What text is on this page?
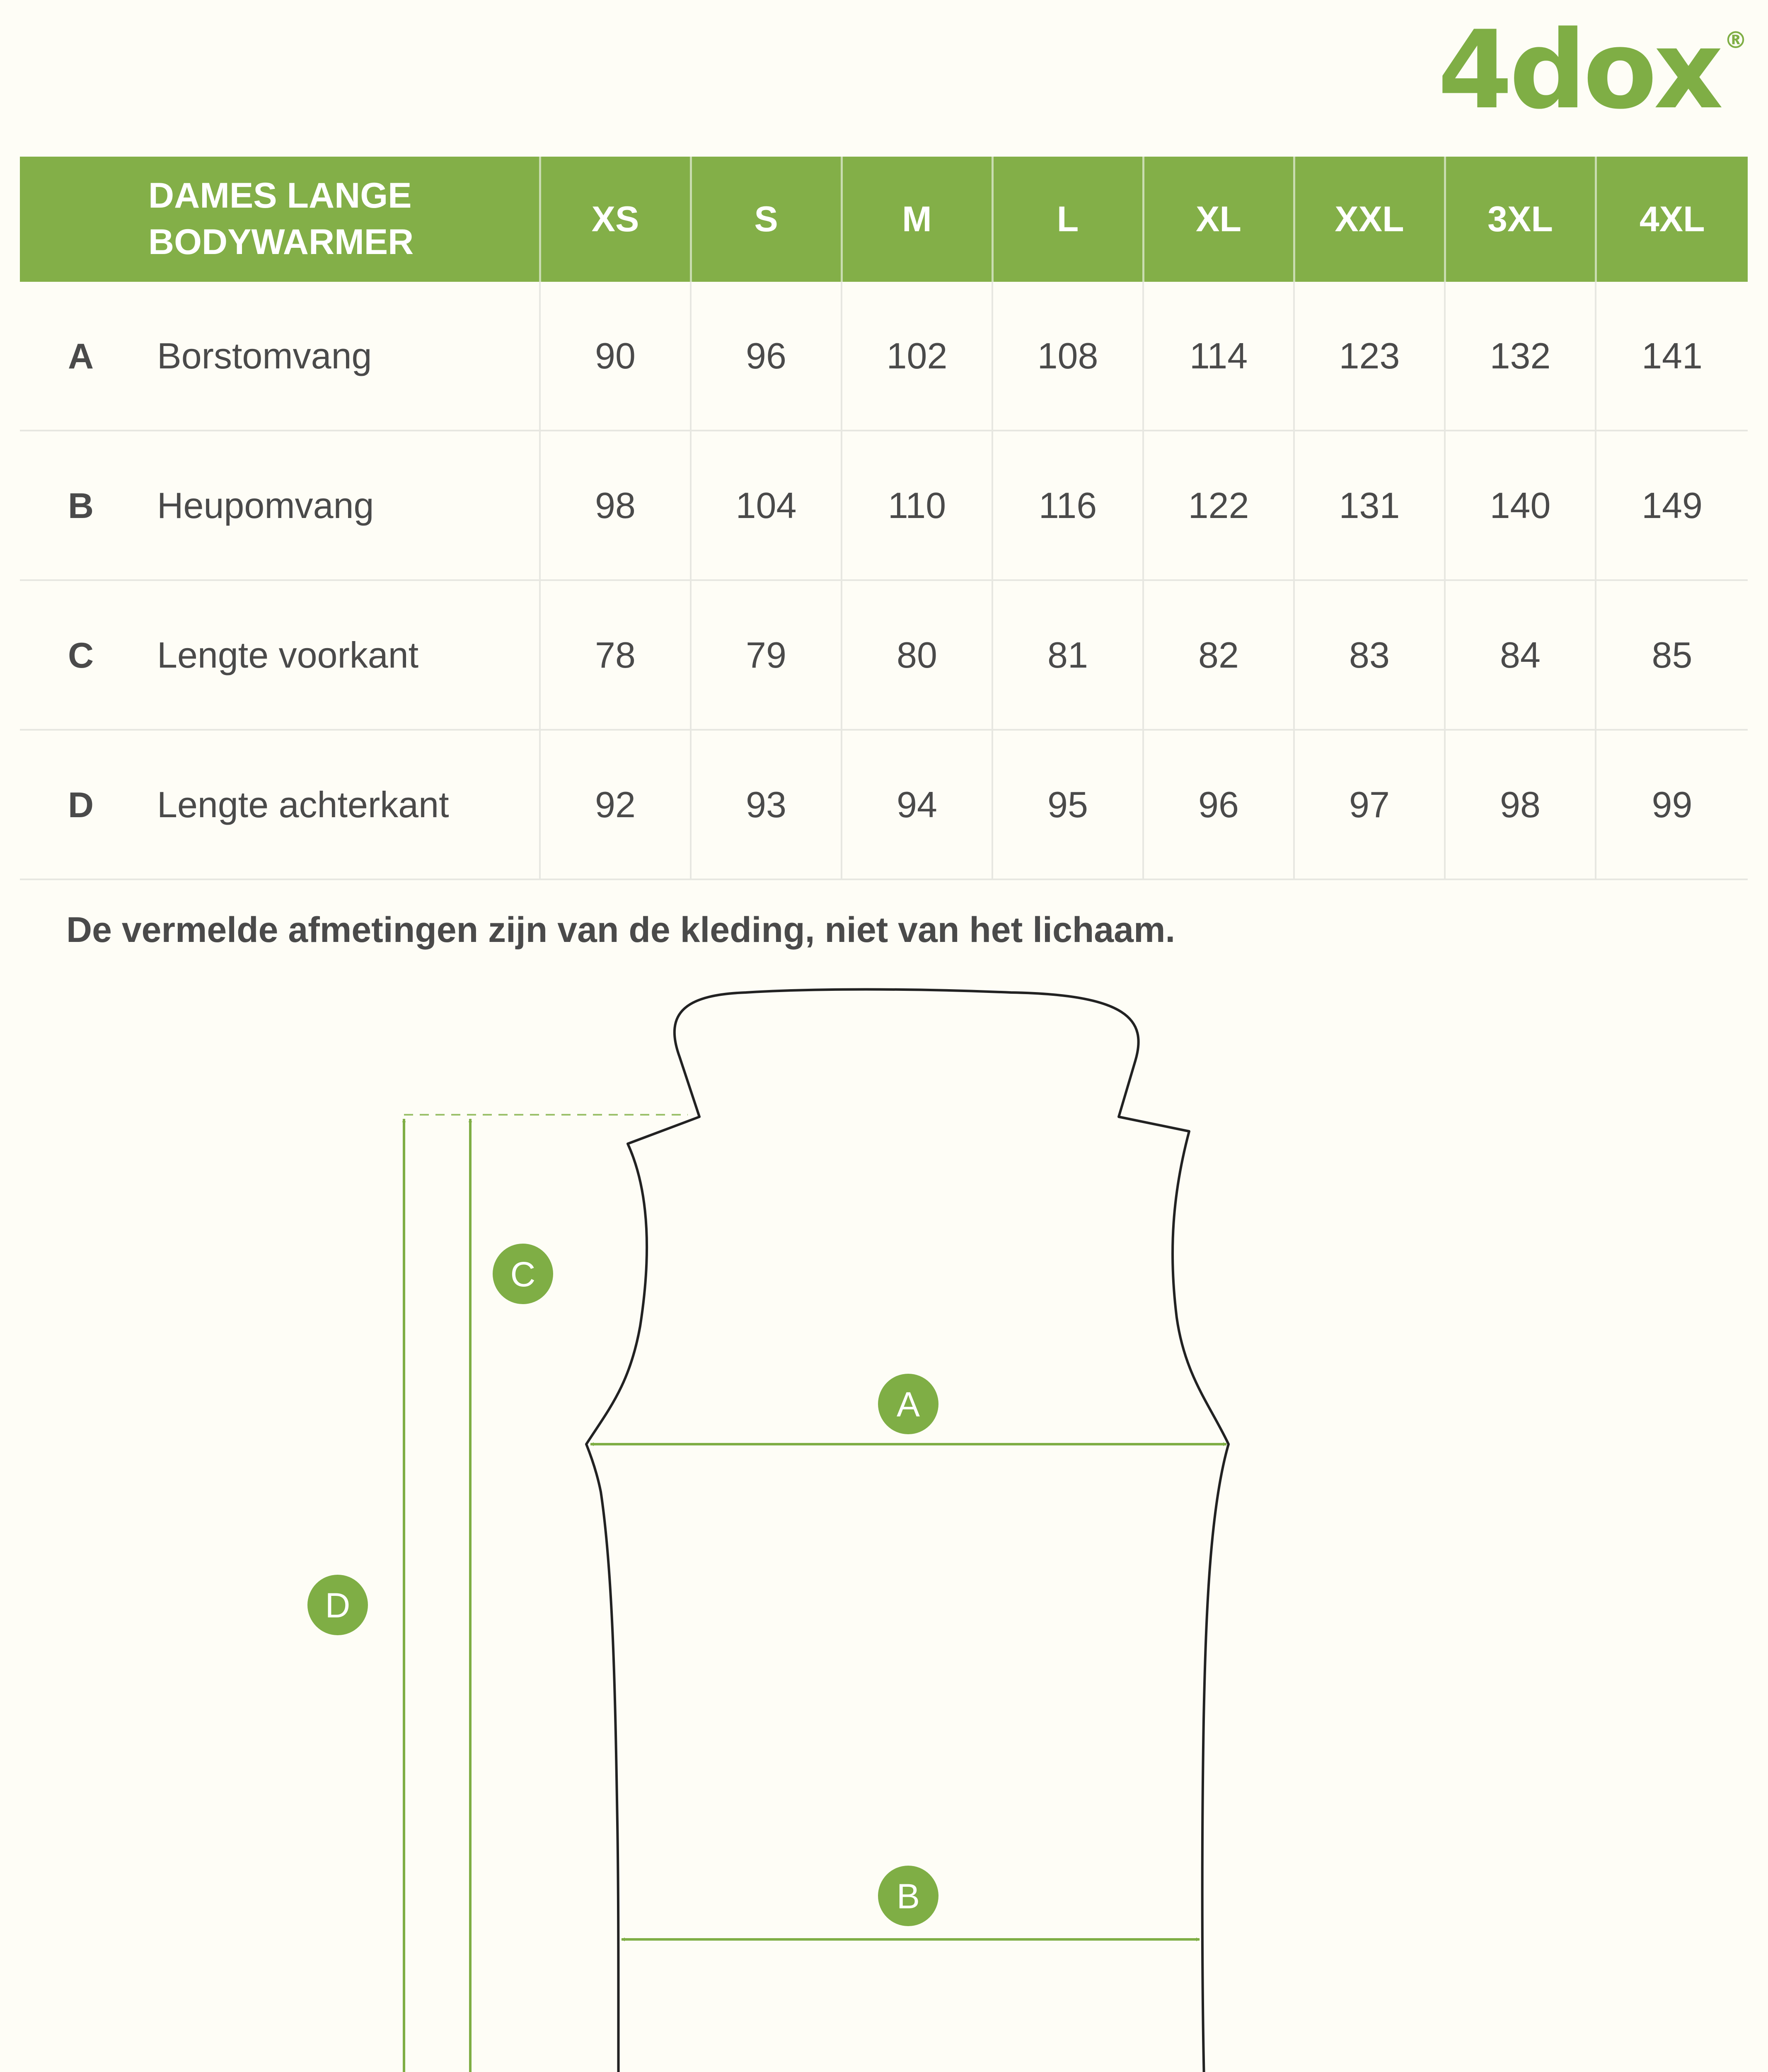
4dox ®
DAMES LANGE
BODYWARMER	XS	S	M	L	XL	XXL	3XL	4XL
A Borstomvang	90	96	102	108	114	123	132	141
B Heupomvang	98	104	110	116	122	131	140	149
C Lengte voorkant	78	79	80	81	82	83	84	85
D Lengte achterkant	92	93	94	95	96	97	98	99
De vermelde afmetingen zijn van de kleding, niet van het lichaam.
A
B
C
D
